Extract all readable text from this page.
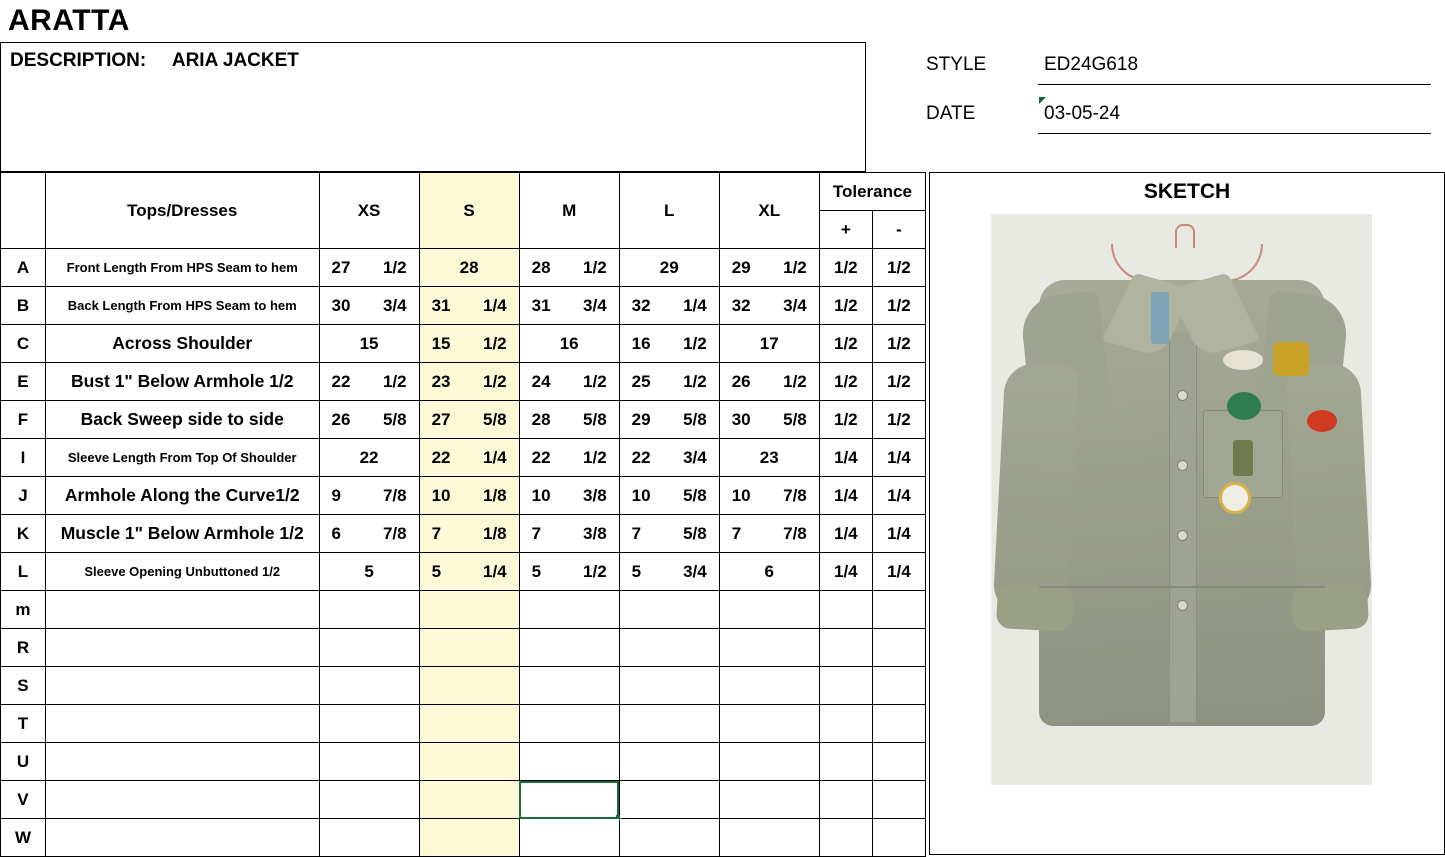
ARATTA
DESCRIPTION:     ARIA JACKET	STYLE	ED24G618
DATE	03-05-24
	Tops/Dresses	XS	S	M	L	XL	Tolerance	
							+	-
A	Front Length From HPS Seam to hem	27 1/2	28	28 1/2	29	29 1/2	1/2	1/2
B	Back Length From HPS Seam to hem	30 3/4	31 1/4	31 3/4	32 1/4	32 3/4	1/2	1/2
C	Across Shoulder	15	15 1/2	16	16 1/2	17	1/2	1/2
E	Bust 1" Below Armhole 1/2	22 1/2	23 1/2	24 1/2	25 1/2	26 1/2	1/2	1/2
F	Back Sweep side to side	26 5/8	27 5/8	28 5/8	29 5/8	30 5/8	1/2	1/2
I	Sleeve Length From Top Of Shoulder	22	22 1/4	22 1/2	22 3/4	23	1/4	1/4
J	Armhole Along the Curve1/2	9 7/8	10 1/8	10 3/8	10 5/8	10 7/8	1/4	1/4
K	Muscle 1" Below Armhole 1/2	6 7/8	7 1/8	7 3/8	7 5/8	7 7/8	1/4	1/4
L	Sleeve Opening Unbuttoned 1/2	5	5 1/4	5 1/2	5 3/4	6	1/4	1/4
m		

R		

S		

T		

U		

V		

W		

SKETCH
